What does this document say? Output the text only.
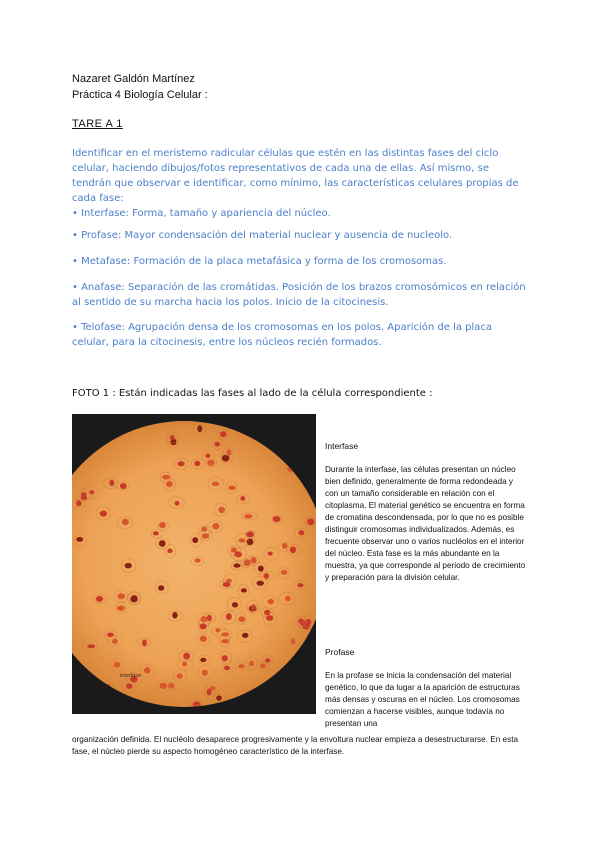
Nazaret Galdón Martínez
Práctica 4 Biología Celular :
TARE A 1
Identificar en el meristemo radicular células que estén en las distintas fases del ciclo celular, haciendo dibujos/fotos representativos de cada una de ellas. Así mismo, se tendrán que observar e identificar, como mínimo, las características celulares propias de cada fase:
• Interfase: Forma, tamaño y apariencia del núcleo.
• Profase: Mayor condensación del material nuclear y ausencia de nucleolo.
• Metafase: Formación de la placa metafásica y forma de los cromosomas.
• Anafase: Separación de las cromátidas. Posición de los brazos cromosómicos en relación al sentido de su marcha hacia los polos. Inicio de la citocinesis.
• Telofase: Agrupación densa de los cromosomas en los polos. Aparición de la placa celular, para la citocinesis, entre los núcleos recién formados.
FOTO 1 : Están indicadas las fases al lado de la célula correspondiente :
interfase
Interfase
Durante la interfase, las células presentan un núcleo bien definido, generalmente de forma redondeada y con un tamaño considerable en relación con el citoplasma. El material genético se encuentra en forma de cromatina descondensada, por lo que no es posible distinguir cromosomas individualizados. Además, es frecuente observar uno o varios nucléolos en el interior del núcleo. Esta fase es la más abundante en la muestra, ya que corresponde al periodo de crecimiento y preparación para la división celular.
Profase
En la profase se inicia la condensación del material genético, lo que da lugar a la aparición de estructuras más densas y oscuras en el núcleo. Los cromosomas comienzan a hacerse visibles, aunque todavía no presentan una
organización definida. El nucléolo desaparece progresivamente y la envoltura nuclear empieza a desestructurarse. En esta fase, el núcleo pierde su aspecto homogéneo característico de la interfase.
